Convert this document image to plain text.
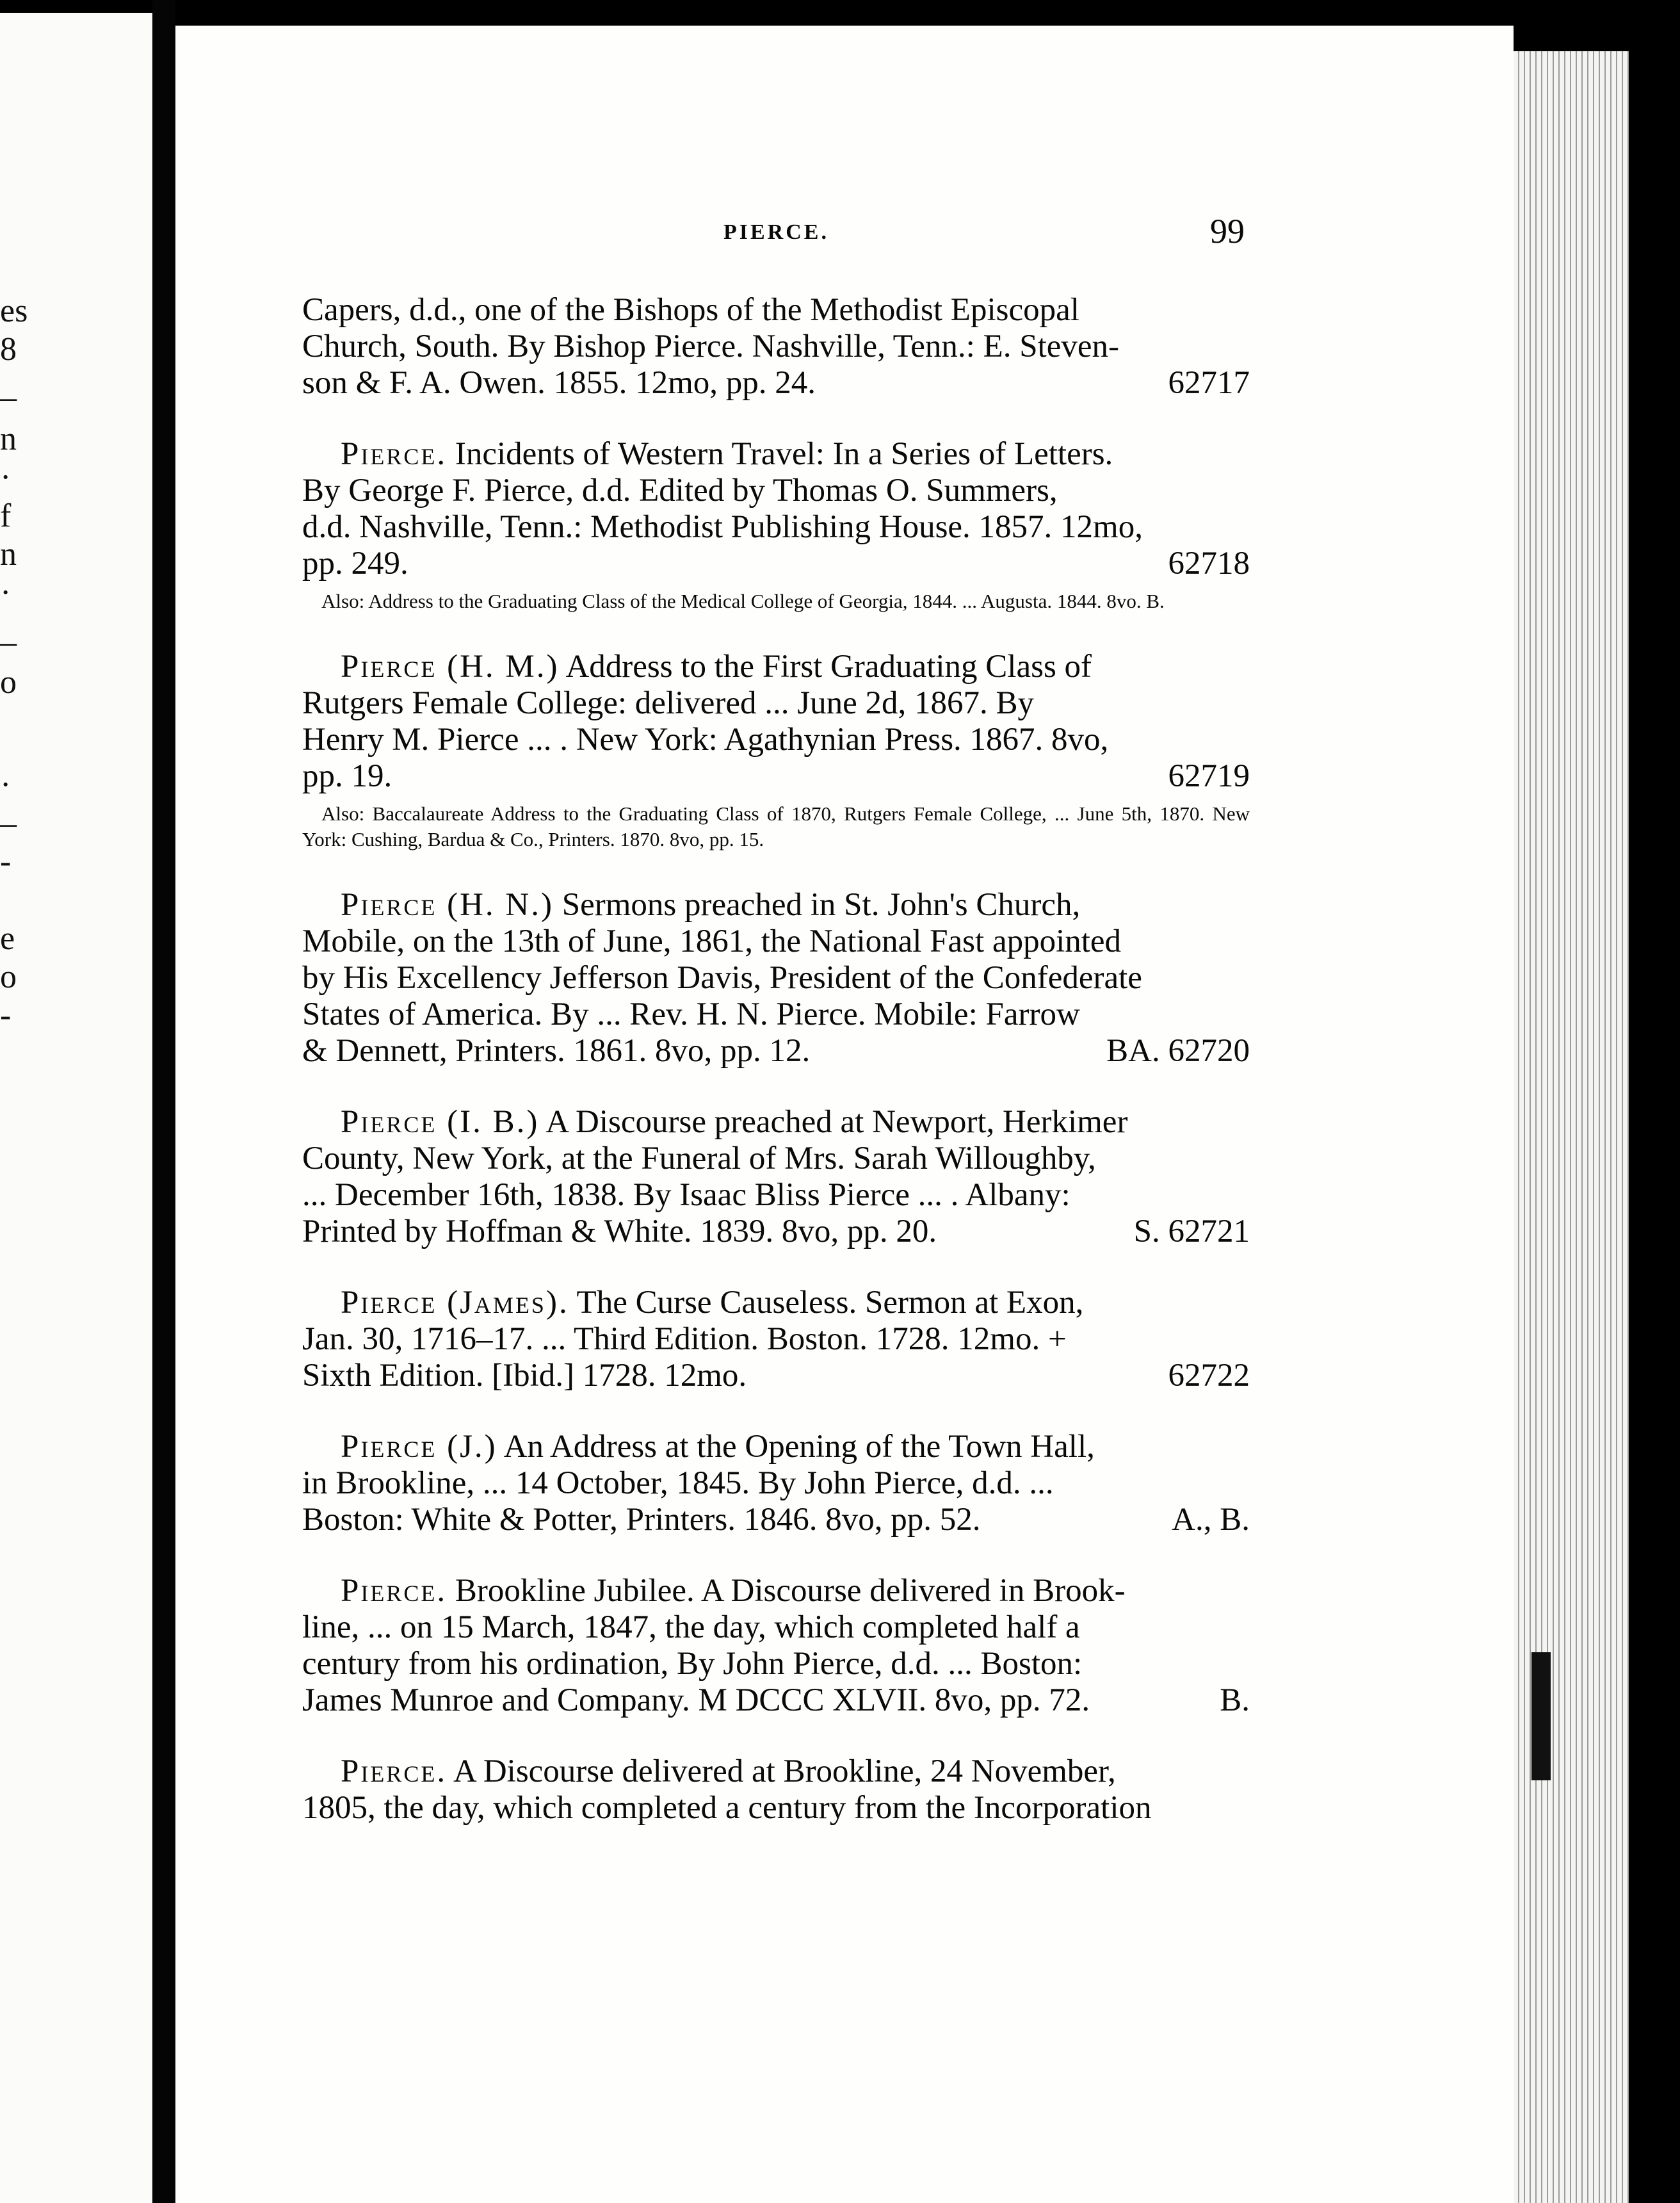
es
8
–
n
·
f
n
·
_
o
·
–
-
e
o
-
PIERCE.	99
Capers, d.d., one of the Bishops of the Methodist Episcopal
Church, South. By Bishop Pierce. Nashville, Tenn.: E. Steven-
son & F. A. Owen. 1855. 12mo, pp. 24.	62717
Pierce. Incidents of Western Travel: In a Series of Letters.
By George F. Pierce, d.d. Edited by Thomas O. Summers,
d.d. Nashville, Tenn.: Methodist Publishing House. 1857. 12mo,
pp. 249.	62718
Also: Address to the Graduating Class of the Medical College of Georgia, 1844. ... Augusta. 1844. 8vo. B.
Pierce (H. M.) Address to the First Graduating Class of
Rutgers Female College: delivered ... June 2d, 1867. By
Henry M. Pierce ... . New York: Agathynian Press. 1867. 8vo,
pp. 19.	62719
Also: Baccalaureate Address to the Graduating Class of 1870, Rutgers Female College, ... June 5th, 1870. New York: Cushing, Bardua & Co., Printers. 1870. 8vo, pp. 15.
Pierce (H. N.) Sermons preached in St. John's Church,
Mobile, on the 13th of June, 1861, the National Fast appointed
by His Excellency Jefferson Davis, President of the Confederate
States of America. By ... Rev. H. N. Pierce. Mobile: Farrow
& Dennett, Printers. 1861. 8vo, pp. 12.	BA. 62720
Pierce (I. B.) A Discourse preached at Newport, Herkimer
County, New York, at the Funeral of Mrs. Sarah Willoughby,
... December 16th, 1838. By Isaac Bliss Pierce ... . Albany:
Printed by Hoffman & White. 1839. 8vo, pp. 20.	S. 62721
Pierce (James). The Curse Causeless. Sermon at Exon,
Jan. 30, 1716–17. ... Third Edition. Boston. 1728. 12mo. +
Sixth Edition. [Ibid.] 1728. 12mo.	62722
Pierce (J.) An Address at the Opening of the Town Hall,
in Brookline, ... 14 October, 1845. By John Pierce, d.d. ...
Boston: White & Potter, Printers. 1846. 8vo, pp. 52.	A., B.
Pierce. Brookline Jubilee. A Discourse delivered in Brook-
line, ... on 15 March, 1847, the day, which completed half a
century from his ordination, By John Pierce, d.d. ... Boston:
James Munroe and Company. M DCCC XLVII. 8vo, pp. 72.	B.
Pierce. A Discourse delivered at Brookline, 24 November,
1805, the day, which completed a century from the Incorporation
